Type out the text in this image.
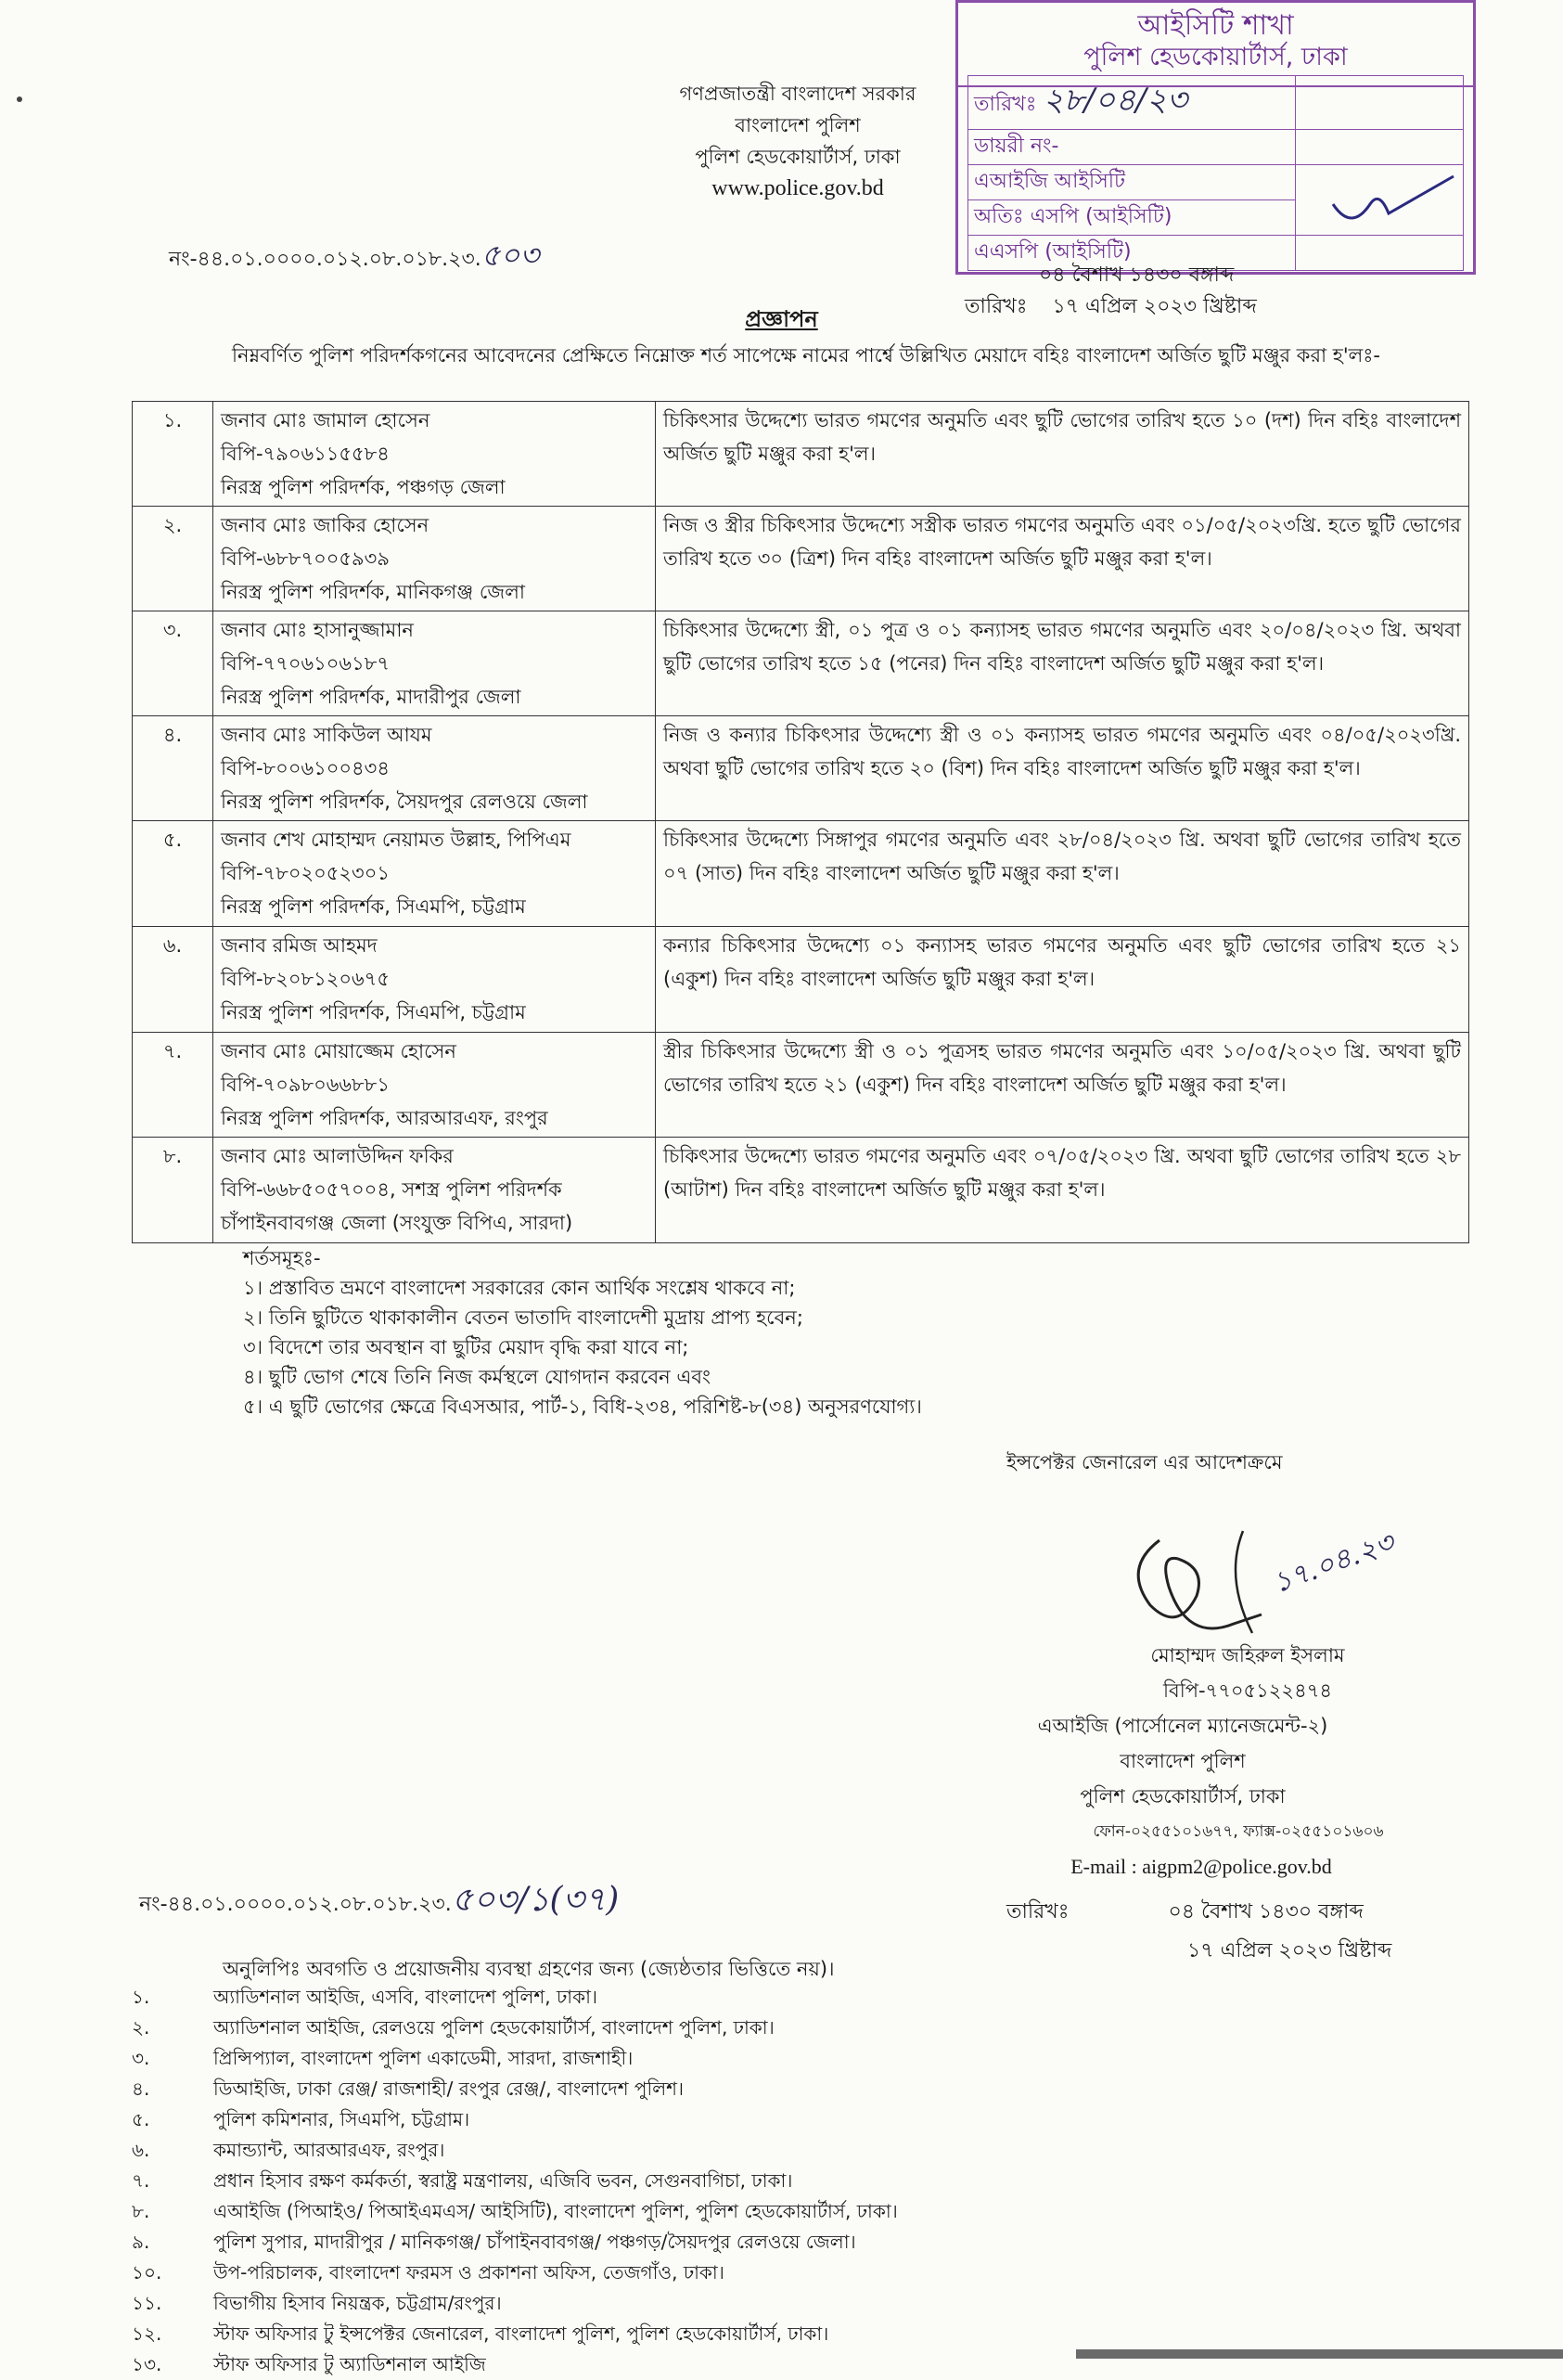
গণপ্রজাতন্ত্রী বাংলাদেশ সরকার
বাংলাদেশ পুলিশ
পুলিশ হেডকোয়ার্টার্স, ঢাকা
www.police.gov.bd
আইসিটি শাখা
পুলিশ হেডকোয়ার্টার্স, ঢাকা
তারিখঃ ২৮/০৪/২৩	
ডায়রী নং-	
এআইজি আইসিটি	

অতিঃ এসপি (আইসিটি)	
এএসপি (আইসিটি)	
নং-৪৪.০১.০০০০.০১২.০৮.০১৮.২৩.৫০৩
০৪ বৈশাখ ১৪৩০ বঙ্গাব্দ
তারিখঃ ১৭ এপ্রিল ২০২৩ খ্রিষ্টাব্দ
প্রজ্ঞাপন
নিম্নবর্ণিত পুলিশ পরিদর্শকগনের আবেদনের প্রেক্ষিতে নিম্নোক্ত শর্ত সাপেক্ষে নামের পার্শ্বে উল্লিখিত মেয়াদে বহিঃ বাংলাদেশ অর্জিত ছুটি মঞ্জুর করা হ'লঃ-
১.	জনাব মোঃ জামাল হোসেন
বিপি-৭৯০৬১১৫৫৮৪
নিরস্ত্র পুলিশ পরিদর্শক, পঞ্চগড় জেলা	চিকিৎসার উদ্দেশ্যে ভারত গমণের অনুমতি এবং ছুটি ভোগের তারিখ হতে ১০ (দশ) দিন বহিঃ বাংলাদেশ অর্জিত ছুটি মঞ্জুর করা হ'ল।
২.	জনাব মোঃ জাকির হোসেন
বিপি-৬৮৮৭০০৫৯৩৯
নিরস্ত্র পুলিশ পরিদর্শক, মানিকগঞ্জ জেলা	নিজ ও স্ত্রীর চিকিৎসার উদ্দেশ্যে সস্ত্রীক ভারত গমণের অনুমতি এবং ০১/০৫/২০২৩খ্রি. হতে ছুটি ভোগের তারিখ হতে ৩০ (ত্রিশ) দিন বহিঃ বাংলাদেশ অর্জিত ছুটি মঞ্জুর করা হ'ল।
৩.	জনাব মোঃ হাসানুজ্জামান
বিপি-৭৭০৬১০৬১৮৭
নিরস্ত্র পুলিশ পরিদর্শক, মাদারীপুর জেলা	চিকিৎসার উদ্দেশ্যে স্ত্রী, ০১ পুত্র ও ০১ কন্যাসহ ভারত গমণের অনুমতি এবং ২০/০৪/২০২৩ খ্রি. অথবা ছুটি ভোগের তারিখ হতে ১৫ (পনের) দিন বহিঃ বাংলাদেশ অর্জিত ছুটি মঞ্জুর করা হ'ল।
৪.	জনাব মোঃ সাকিউল আযম
বিপি-৮০০৬১০০৪৩৪
নিরস্ত্র পুলিশ পরিদর্শক, সৈয়দপুর রেলওয়ে জেলা	নিজ ও কন্যার চিকিৎসার উদ্দেশ্যে স্ত্রী ও ০১ কন্যাসহ ভারত গমণের অনুমতি এবং ০৪/০৫/২০২৩খ্রি. অথবা ছুটি ভোগের তারিখ হতে ২০ (বিশ) দিন বহিঃ বাংলাদেশ অর্জিত ছুটি মঞ্জুর করা হ'ল।
৫.	জনাব শেখ মোহাম্মদ নেয়ামত উল্লাহ, পিপিএম
বিপি-৭৮০২০৫২৩০১
নিরস্ত্র পুলিশ পরিদর্শক, সিএমপি, চট্টগ্রাম	চিকিৎসার উদ্দেশ্যে সিঙ্গাপুর গমণের অনুমতি এবং ২৮/০৪/২০২৩ খ্রি. অথবা ছুটি ভোগের তারিখ হতে ০৭ (সাত) দিন বহিঃ বাংলাদেশ অর্জিত ছুটি মঞ্জুর করা হ'ল।
৬.	জনাব রমিজ আহমদ
বিপি-৮২০৮১২০৬৭৫
নিরস্ত্র পুলিশ পরিদর্শক, সিএমপি, চট্টগ্রাম	কন্যার চিকিৎসার উদ্দেশ্যে ০১ কন্যাসহ ভারত গমণের অনুমতি এবং ছুটি ভোগের তারিখ হতে ২১ (একুশ) দিন বহিঃ বাংলাদেশ অর্জিত ছুটি মঞ্জুর করা হ'ল।
৭.	জনাব মোঃ মোয়াজ্জেম হোসেন
বিপি-৭০৯৮০৬৬৮৮১
নিরস্ত্র পুলিশ পরিদর্শক, আরআরএফ, রংপুর	স্ত্রীর চিকিৎসার উদ্দেশ্যে স্ত্রী ও ০১ পুত্রসহ ভারত গমণের অনুমতি এবং ১০/০৫/২০২৩ খ্রি. অথবা ছুটি ভোগের তারিখ হতে ২১ (একুশ) দিন বহিঃ বাংলাদেশ অর্জিত ছুটি মঞ্জুর করা হ'ল।
৮.	জনাব মোঃ আলাউদ্দিন ফকির
বিপি-৬৬৮৫০৫৭০০৪, সশস্ত্র পুলিশ পরিদর্শক
চাঁপাইনবাবগঞ্জ জেলা (সংযুক্ত বিপিএ, সারদা)	চিকিৎসার উদ্দেশ্যে ভারত গমণের অনুমতি এবং ০৭/০৫/২০২৩ খ্রি. অথবা ছুটি ভোগের তারিখ হতে ২৮ (আটাশ) দিন বহিঃ বাংলাদেশ অর্জিত ছুটি মঞ্জুর করা হ'ল।
শর্তসমূহঃ-
১। প্রস্তাবিত ভ্রমণে বাংলাদেশ সরকারের কোন আর্থিক সংশ্লেষ থাকবে না;
২। তিনি ছুটিতে থাকাকালীন বেতন ভাতাদি বাংলাদেশী মুদ্রায় প্রাপ্য হবেন;
৩। বিদেশে তার অবস্থান বা ছুটির মেয়াদ বৃদ্ধি করা যাবে না;
৪। ছুটি ভোগ শেষে তিনি নিজ কর্মস্থলে যোগদান করবেন এবং
৫। এ ছুটি ভোগের ক্ষেত্রে বিএসআর, পার্ট-১, বিধি-২৩৪, পরিশিষ্ট-৮(৩৪) অনুসরণযোগ্য।
ইন্সপেক্টর জেনারেল এর আদেশক্রমে
১৭.০৪.২৩
মোহাম্মদ জহিরুল ইসলাম
বিপি-৭৭০৫১২২৪৭৪
এআইজি (পার্সোনেল ম্যানেজমেন্ট-২)
বাংলাদেশ পুলিশ
পুলিশ হেডকোয়ার্টার্স, ঢাকা
ফোন-০২৫৫১০১৬৭৭, ফ্যাক্স-০২৫৫১০১৬০৬
E-mail : aigpm2@police.gov.bd
নং-৪৪.০১.০০০০.০১২.০৮.০১৮.২৩.৫০৩/১(৩৭)	তারিখঃ	০৪ বৈশাখ ১৪৩০ বঙ্গাব্দ
১৭ এপ্রিল ২০২৩ খ্রিষ্টাব্দ
অনুলিপিঃ অবগতি ও প্রয়োজনীয় ব্যবস্থা গ্রহণের জন্য (জ্যেষ্ঠতার ভিত্তিতে নয়)।
১.	অ্যাডিশনাল আইজি, এসবি, বাংলাদেশ পুলিশ, ঢাকা।
২.	অ্যাডিশনাল আইজি, রেলওয়ে পুলিশ হেডকোয়ার্টার্স, বাংলাদেশ পুলিশ, ঢাকা।
৩.	প্রিন্সিপ্যাল, বাংলাদেশ পুলিশ একাডেমী, সারদা, রাজশাহী।
৪.	ডিআইজি, ঢাকা রেঞ্জ/ রাজশাহী/ রংপুর রেঞ্জ/, বাংলাদেশ পুলিশ।
৫.	পুলিশ কমিশনার, সিএমপি, চট্টগ্রাম।
৬.	কমান্ড্যান্ট, আরআরএফ, রংপুর।
৭.	প্রধান হিসাব রক্ষণ কর্মকর্তা, স্বরাষ্ট্র মন্ত্রণালয়, এজিবি ভবন, সেগুনবাগিচা, ঢাকা।
৮.	এআইজি (পিআইও/ পিআইএমএস/ আইসিটি), বাংলাদেশ পুলিশ, পুলিশ হেডকোয়ার্টার্স, ঢাকা।
৯.	পুলিশ সুপার, মাদারীপুর / মানিকগঞ্জ/ চাঁপাইনবাবগঞ্জ/ পঞ্চগড়/সৈয়দপুর রেলওয়ে জেলা।
১০.	উপ-পরিচালক, বাংলাদেশ ফরমস ও প্রকাশনা অফিস, তেজগাঁও, ঢাকা।
১১.	বিভাগীয় হিসাব নিয়ন্ত্রক, চট্টগ্রাম/রংপুর।
১২.	স্টাফ অফিসার টু ইন্সপেক্টর জেনারেল, বাংলাদেশ পুলিশ, পুলিশ হেডকোয়ার্টার্স, ঢাকা।
১৩.	স্টাফ অফিসার টু অ্যাডিশনাল আইজি
